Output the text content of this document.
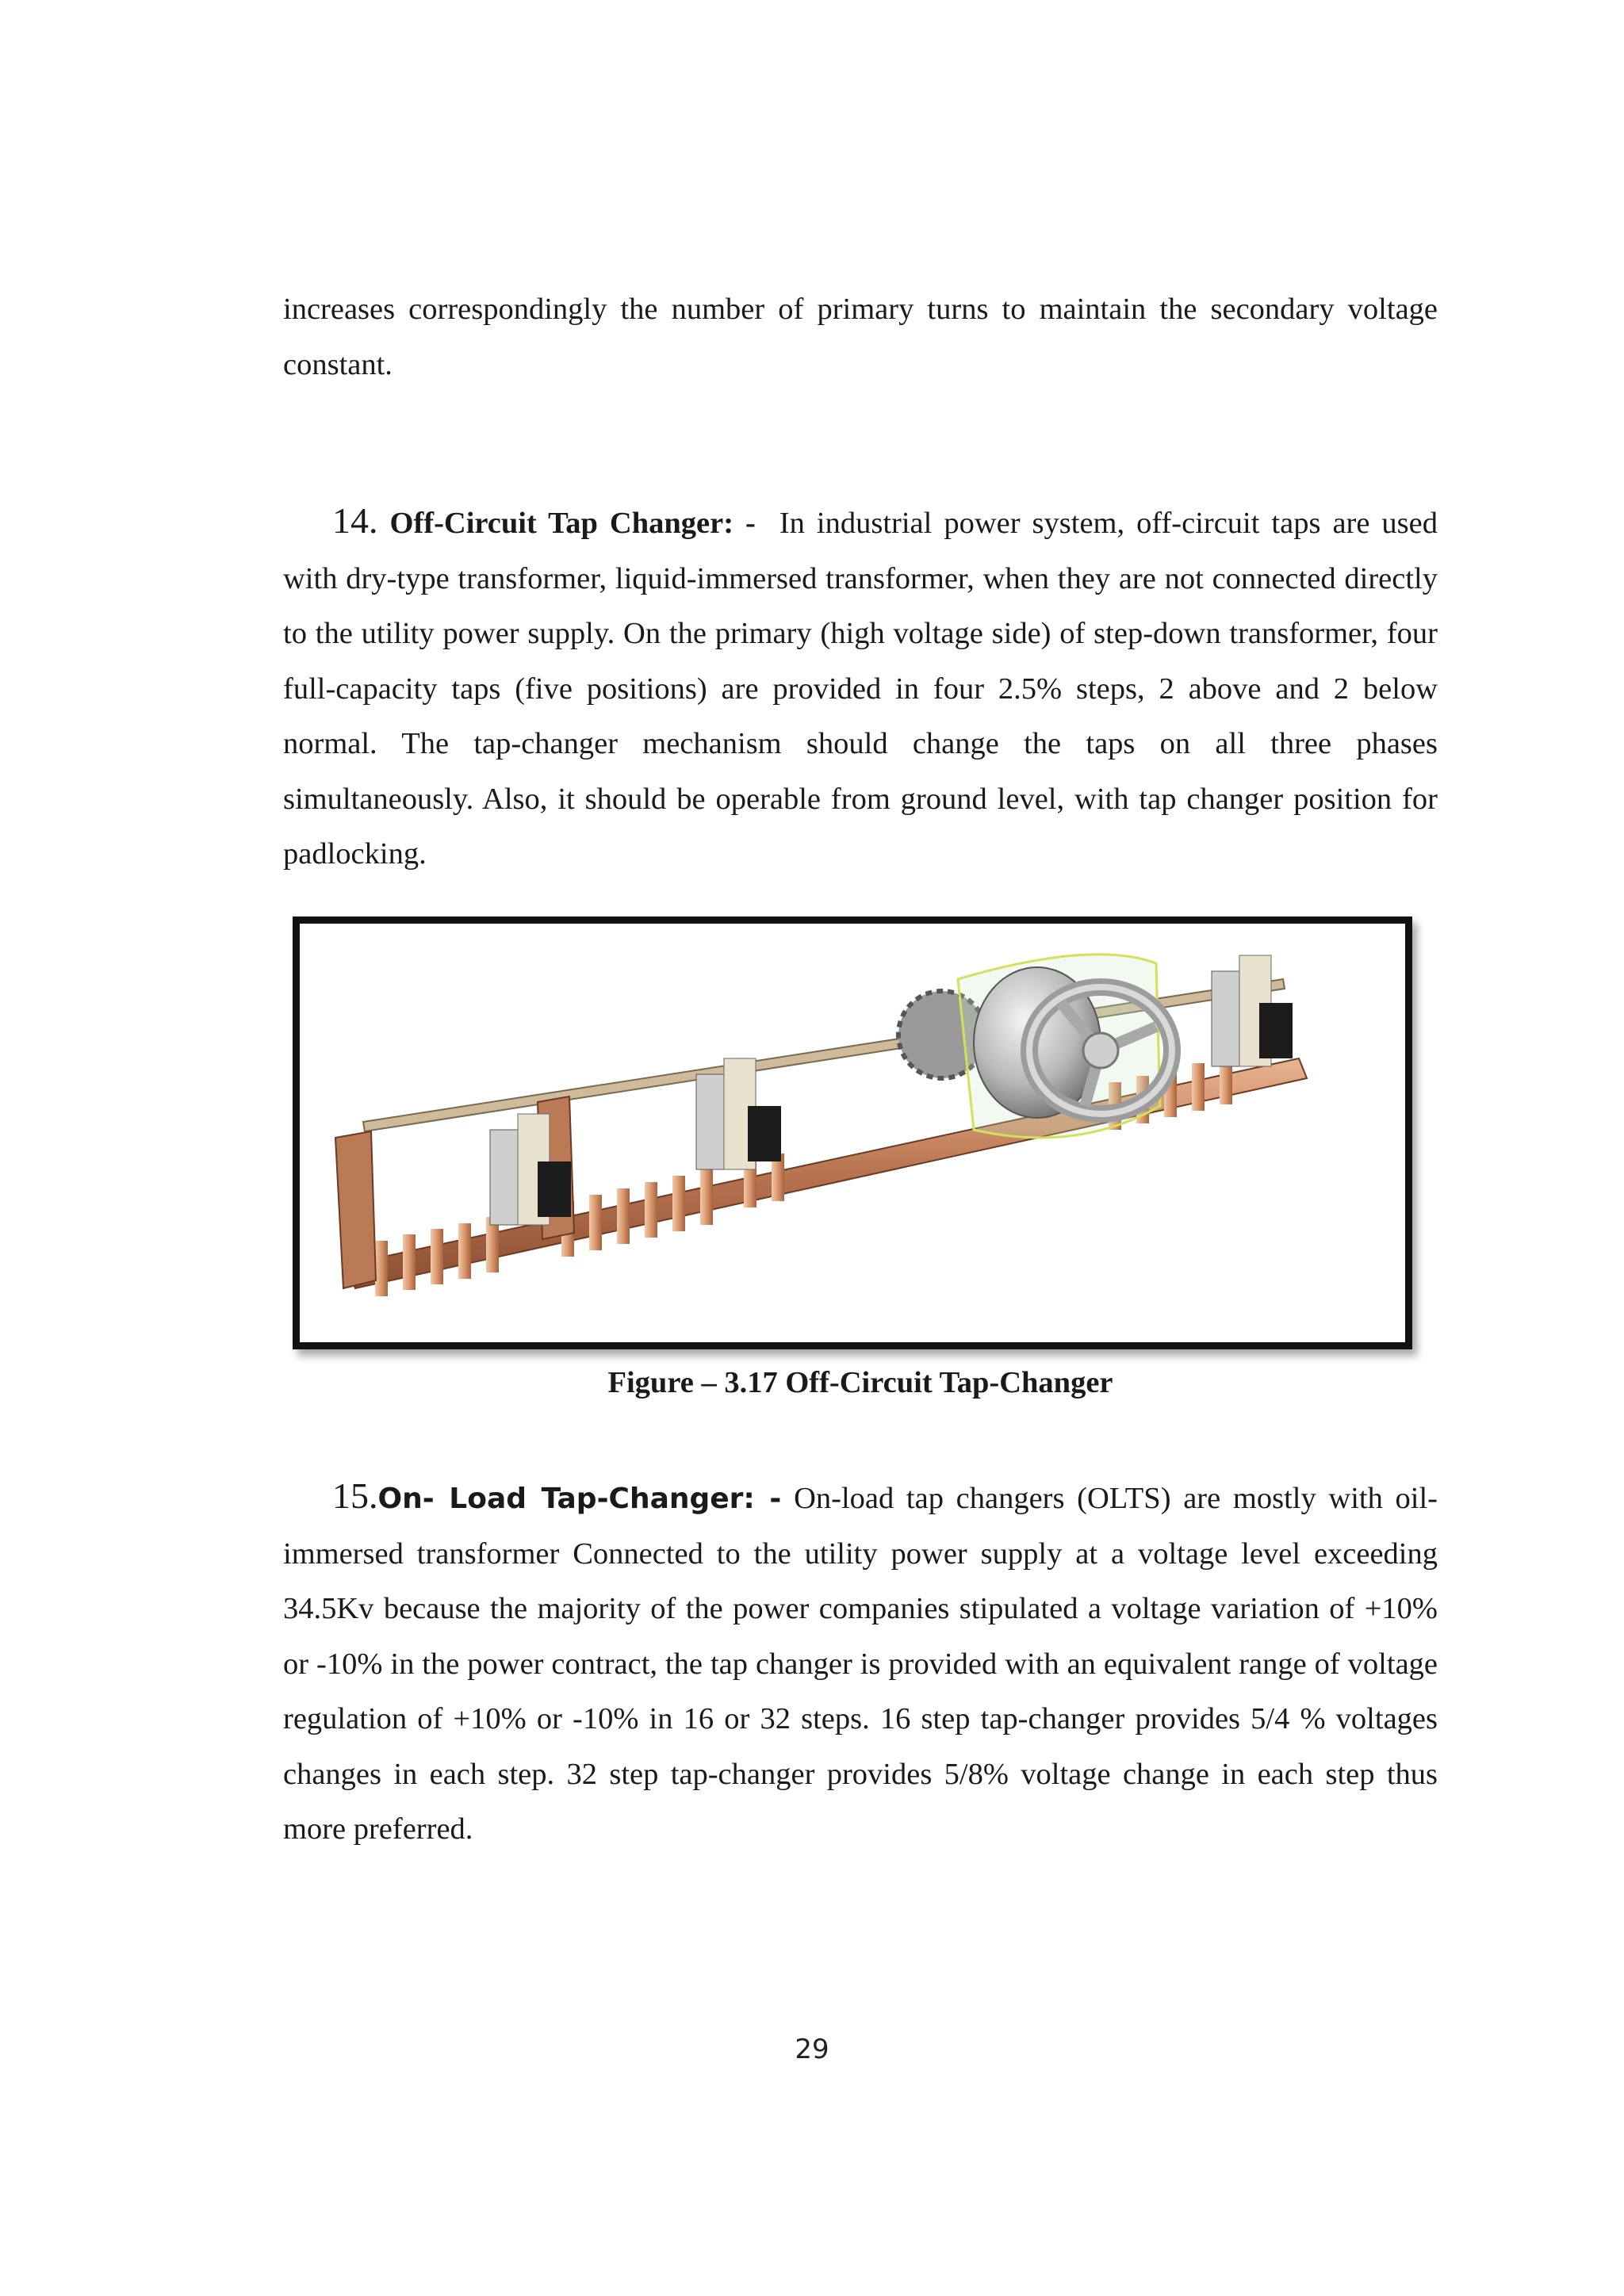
increases correspondingly the number of primary turns to maintain the secondary voltage constant.

14. Off-Circuit Tap Changer: - In industrial power system, off-circuit taps are used with dry-type transformer, liquid-immersed transformer, when they are not connected directly to the utility power supply. On the primary (high voltage side) of step-down transformer, four full-capacity taps (five positions) are provided in four 2.5% steps, 2 above and 2 below normal. The tap-changer mechanism should change the taps on all three phases simultaneously. Also, it should be operable from ground level, with tap changer position for padlocking.

Figure – 3.17 Off-Circuit Tap-Changer

15.On- Load Tap-Changer: - On-load tap changers (OLTS) are mostly with oil-immersed transformer Connected to the utility power supply at a voltage level exceeding 34.5Kv because the majority of the power companies stipulated a voltage variation of +10% or -10% in the power contract, the tap changer is provided with an equivalent range of voltage regulation of +10% or -10% in 16 or 32 steps. 16 step tap-changer provides 5/4 % voltages changes in each step. 32 step tap-changer provides 5/8% voltage change in each step thus more preferred.

29
